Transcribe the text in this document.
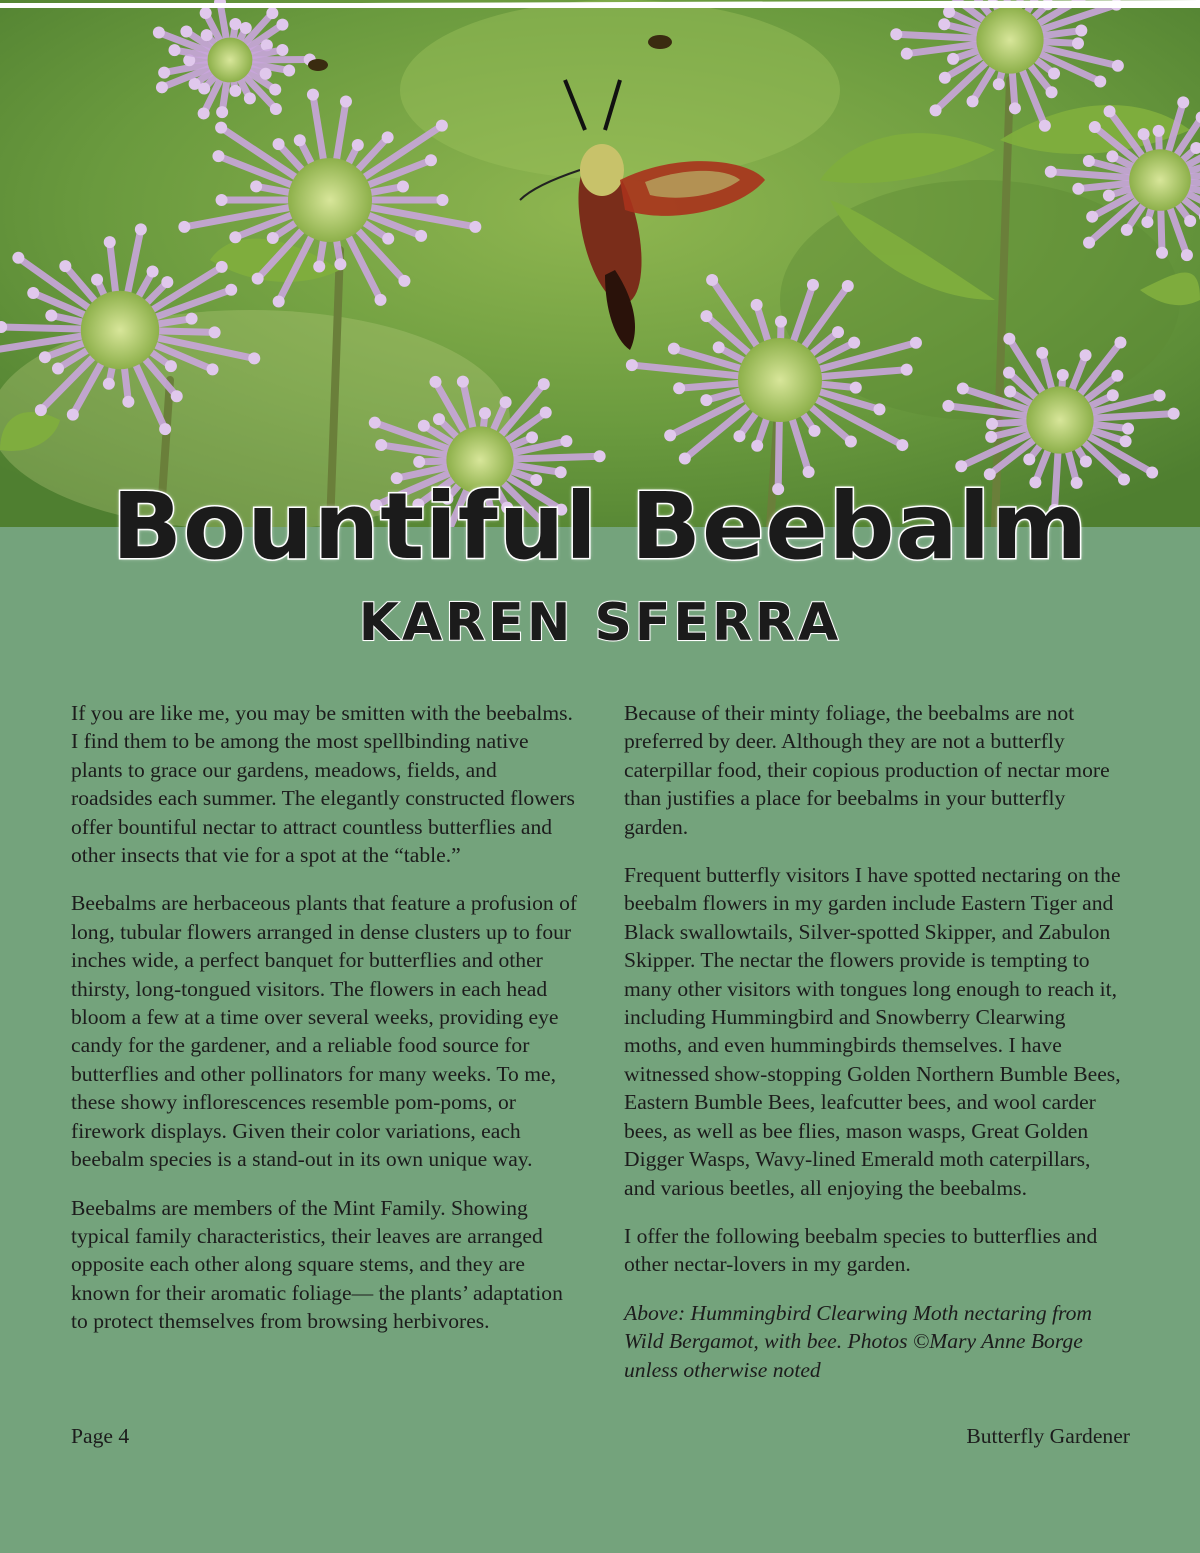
Bountiful Beebalm
KAREN SFERRA

If you are like me, you may be smitten with the beebalms. I find them to be among the most spellbinding native plants to grace our gardens, meadows, fields, and roadsides each summer. The elegantly constructed flowers offer bountiful nectar to attract countless butterflies and other insects that vie for a spot at the “table.”

Beebalms are herbaceous plants that feature a profusion of long, tubular flowers arranged in dense clusters up to four inches wide, a perfect banquet for butterflies and other thirsty, long-tongued visitors. The flowers in each head bloom a few at a time over several weeks, providing eye candy for the gardener, and a reliable food source for butterflies and other pollinators for many weeks. To me, these showy inflorescences resemble pom-poms, or firework displays. Given their color variations, each beebalm species is a stand-out in its own unique way.

Beebalms are members of the Mint Family. Showing typical family characteristics, their leaves are arranged opposite each other along square stems, and they are known for their aromatic foliage— the plants’ adaptation to protect themselves from browsing herbivores.

Because of their minty foliage, the beebalms are not preferred by deer. Although they are not a butterfly caterpillar food, their copious production of nectar more than justifies a place for beebalms in your butterfly garden.

Frequent butterfly visitors I have spotted nectaring on the beebalm flowers in my garden include Eastern Tiger and Black swallowtails, Silver-spotted Skipper, and Zabulon Skipper. The nectar the flowers provide is tempting to many other visitors with tongues long enough to reach it, including Hummingbird and Snowberry Clearwing moths, and even hummingbirds themselves. I have witnessed show-stopping Golden Northern Bumble Bees, Eastern Bumble Bees, leafcutter bees, and wool carder bees, as well as bee flies, mason wasps, Great Golden Digger Wasps, Wavy-lined Emerald moth caterpillars, and various beetles, all enjoying the beebalms.

I offer the following beebalm species to butterflies and other nectar-lovers in my garden.

Above: Hummingbird Clearwing Moth nectaring from Wild Bergamot, with bee. Photos ©Mary Anne Borge unless otherwise noted

Page 4	Butterfly Gardener
